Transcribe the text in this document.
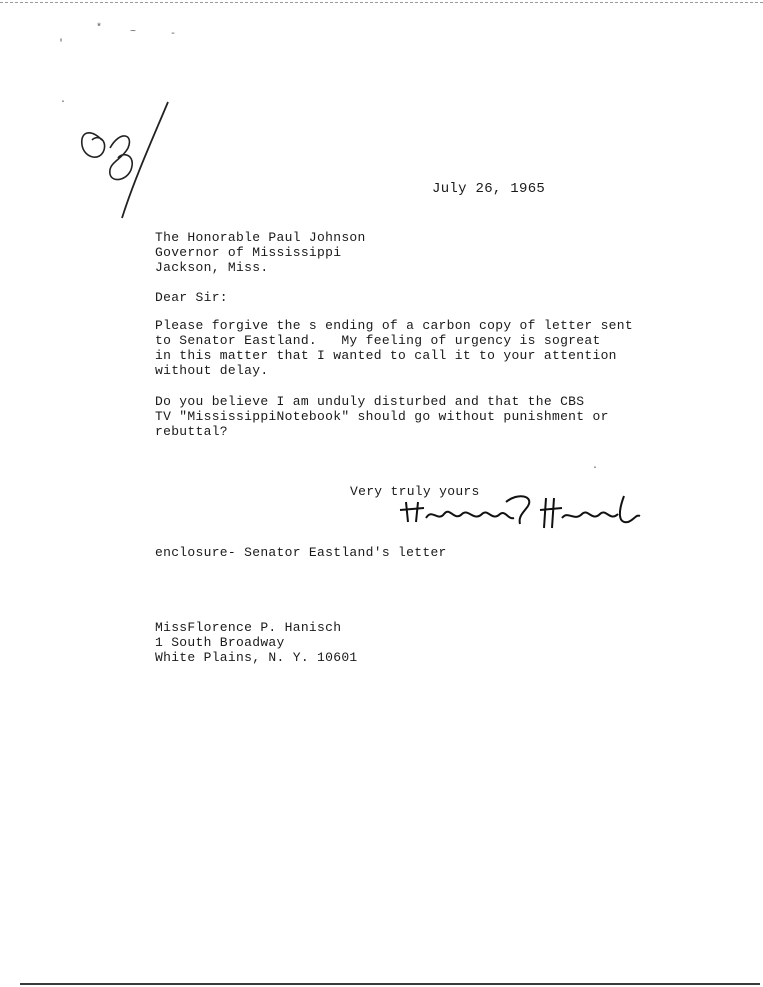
*	~	-
'
.
.
July 26, 1965
The Honorable Paul Johnson
Governor of Mississippi
Jackson, Miss.
Dear Sir:
Please forgive the s ending of a carbon copy of letter sent
to Senator Eastland.   My feeling of urgency is sogreat
in this matter that I wanted to call it to your attention
without delay.
Do you believe I am unduly disturbed and that the CBS
TV "MississippiNotebook" should go without punishment or
rebuttal?
Very truly yours
enclosure- Senator Eastland's letter
MissFlorence P. Hanisch
1 South Broadway
White Plains, N. Y. 10601
